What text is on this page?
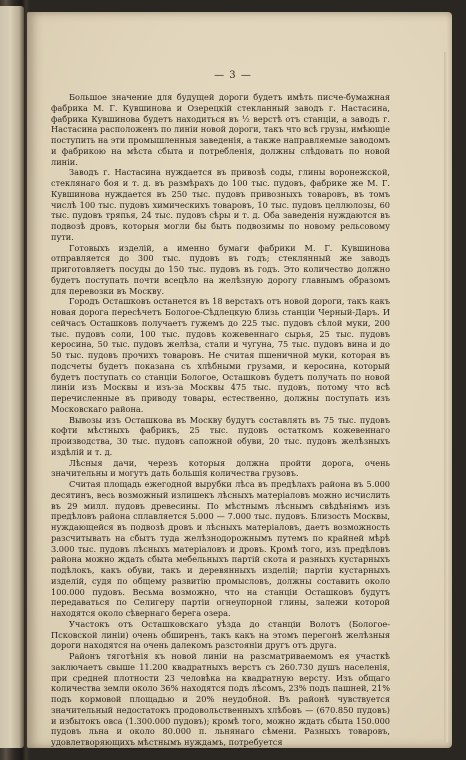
— 3 —

Большое значение для будущей дороги будетъ имѣть писче-бумажная фабрика М. Г. Кувшинова и Озерецкій стекланный заводъ г. Настасина, фабрика Кувшинова будетъ находиться въ ½ верстѣ отъ станціи, а заводъ г. Настасина расположенъ по линіи новой дороги, такъ что всѣ грузы, имѣющіе поступить на эти промышленныя заведенія, а также направляемые заводомъ и фабрикою на мѣста сбыта и потребленія, должны слѣдовать по новой линіи.

Заводъ г. Настасина нуждается въ привозѣ соды, глины воронежской, стеклянаго боя и т. д. въ размѣрахъ до 100 тыс. пудовъ, фабрике же М. Г. Кувшинова нуждается въ 250 тыс. пудовъ привозныхъ товаровъ, въ томъ числѣ 100 тыс. пудовъ химическихъ товаровъ, 10 тыс. пудовъ целлюлозы, 60 тыс. пудовъ тряпья, 24 тыс. пудовъ сѣры и т. д. Оба заведенія нуждаются въ подвозѣ дровъ, которыя могли бы быть подвозимы по новому рельсовому пути.

Готовыхъ изделій, а именно бумаги фабрики М. Г. Кувшинова отправляется до 300 тыс. пудовъ въ годъ; стеклянный же заводъ приготовляетъ посуды до 150 тыс. пудовъ въ годъ. Это количество должно будетъ поступать почти всецѣло на желѣзную дорогу главнымъ образомъ для перевозки въ Москву.

Городъ Осташковъ останется въ 18 верстахъ отъ новой дороги, такъ какъ новая дорога пересѣчетъ Бологое-Сѣдлецкую близь станціи Черный-Даръ. И сейчасъ Осташковъ получаетъ гужемъ до 225 тыс. пудовъ сѣлой муки, 200 тыс. пудовъ соли, 100 тыс. пудовъ кожевеннаго сырья, 25 тыс. пудовъ керосина, 50 тыс. пудовъ желѣза, стали и чугуна, 75 тыс. пудовъ вина и до 50 тыс. пудовъ прочихъ товаровъ. Не считая пшеничной муки, которая въ подсчеты будетъ показана съ хлѣбными грузами, и керосина, который будетъ поступать со станціи Бологое, Осташковъ будетъ получать по новой линіи изъ Москвы и изъ-за Москвы 475 тыс. пудовъ, потому что всѣ перечисленные въ приводу товары, естественно, должны поступать изъ Московскаго района.

Вывозы изъ Осташкова въ Москву будутъ составлять въ 75 тыс. пудовъ кофти мѣстныхъ фабрикъ, 25 тыс. пудовъ остаткомъ кожевеннаго производства, 30 тыс. пудовъ сапожной обуви, 20 тыс. пудовъ желѣзныхъ издѣлій и т. д.

Лѣсныя дачи, черезъ которыя должна пройти дорога, очень значительны и могутъ дать большія количества грузовъ.

Считая площадь ежегодной вырубки лѣса въ предѣлахъ района въ 5.000 десятинъ, весь возможный излишекъ лѣсныхъ матеріаловъ можно исчислить въ 29 милл. пудовъ древесины. По мѣстнымъ лѣснымъ свѣдѣніямъ изъ предѣловъ района сплавляется 5.000 — 7.000 тыс. пудовъ. Близость Москвы, нуждающейся въ подвозѣ дровъ и лѣсныхъ матеріаловъ, даетъ возможность разсчитывать на сбытъ туда желѣзнодорожнымъ путемъ по крайней мѣрѣ 3.000 тыс. пудовъ лѣсныхъ матеріаловъ и дровъ. Кромѣ того, изъ предѣловъ района можно ждать сбыта мебельныхъ партій скота и разныхъ кустарныхъ подѣлокъ, какъ обуви, такъ и деревянныхъ изделій; партіи кустарныхъ изделій, судя по общему развитію промысловъ, должны составить около 100.000 пудовъ. Весьма возможно, что на станціи Осташковъ будутъ передаваться по Селигеру партіи огнеупорной глины, залежи которой находятся около сѣвернаго берега озера.

Участокъ отъ Осташковскаго уѣзда до станціи Волотъ (Бологое-Псковской линіи) очень обширенъ, такъ какъ на этомъ перегонѣ желѣзныя дороги находятся на очень далекомъ разстояніи другъ отъ друга.

Районъ тяготѣнія къ новой линіи на разсматриваемомъ ея участкѣ заключаетъ свыше 11.200 квадратныхъ верстъ съ 260.730 душъ населенія, при средней плотности 23 человѣка на квадратную версту. Изъ общаго количества земли около 36% находятся подъ лѣсомъ, 23% подъ пашней, 21% подъ кормовой площадью и 20% неудобной. Въ районѣ чувствуется значительный недостатокъ продовольственныхъ хлѣбовъ — (670.850 пудовъ) и избытокъ овса (1.300.000 пудовъ); кромѣ того, можно ждать сбыта 150.000 пудовъ льна и около 80.000 п. льнянаго сѣмени. Разныхъ товаровъ, удовлетворяющихъ мѣстнымъ нуждамъ, потребуется
